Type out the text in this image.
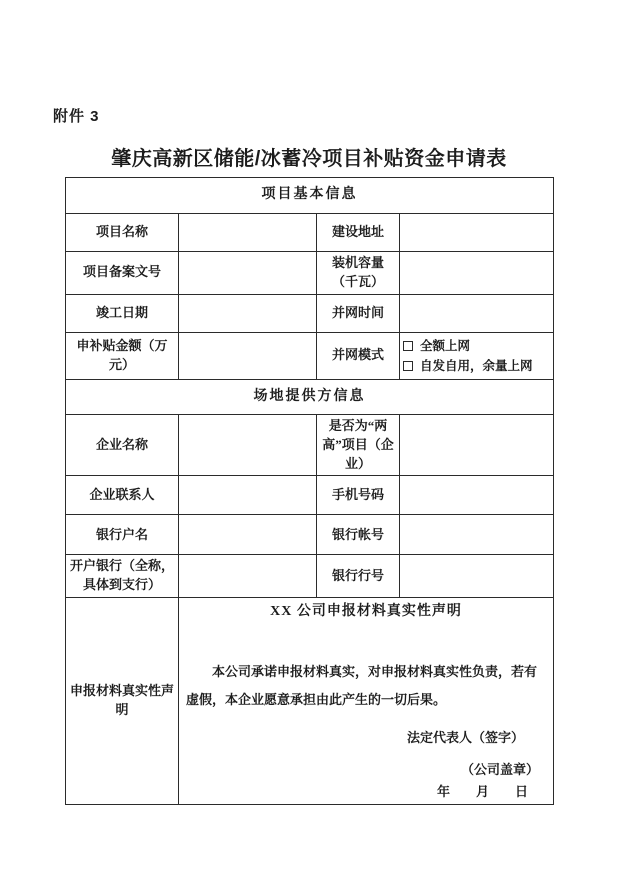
附件 3
肇庆高新区储能/冰蓄冷项目补贴资金申请表
项目基本信息			
项目名称		建设地址	
项目备案文号		装机容量（千瓦）	
竣工日期		并网时间	
申补贴金额（万元）		并网模式	全额上网
自发自用，余量上网

场地提供方信息			
企业名称		是否为“两高”项目（企业）	
企业联系人		手机号码	
银行户名		银行帐号	
开户银行（全称，具体到支行）		银行行号	
申报材料真实性声明	XX 公司申报材料真实性声明
本公司承诺申报材料真实，对申报材料真实性负责，若有虚假，本企业愿意承担由此产生的一切后果。
法定代表人（签字）
（公司盖章）
年　　月　　日		
